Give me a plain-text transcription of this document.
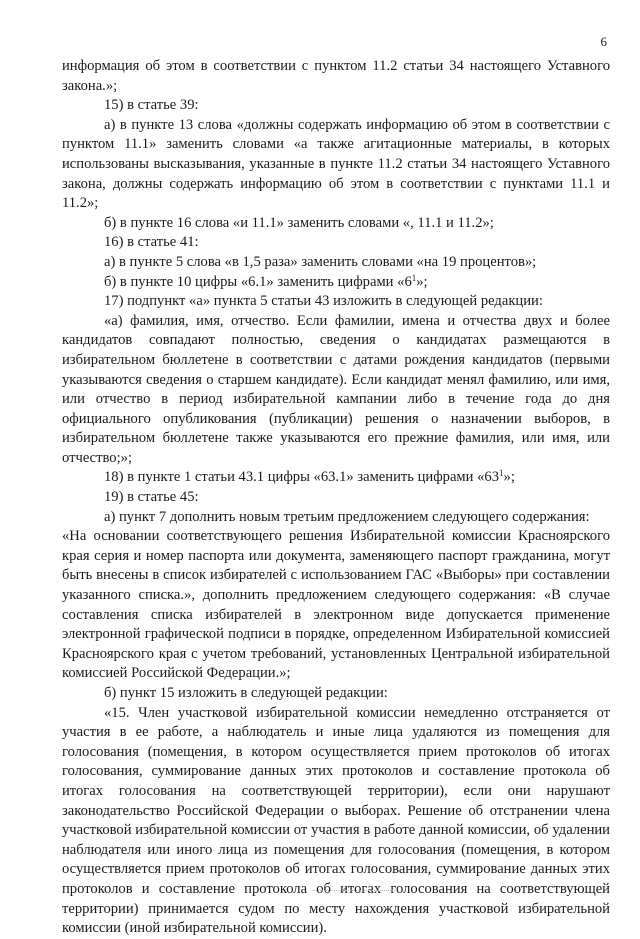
6

информация об этом в соответствии с пунктом 11.2 статьи 34 настоящего Уставного закона.»;

15) в статье 39:

а) в пункте 13 слова «должны содержать информацию об этом в соответствии с пунктом 11.1» заменить словами «а также агитационные материалы, в которых использованы высказывания, указанные в пункте 11.2 статьи 34 настоящего Уставного закона, должны содержать информацию об этом в соответствии с пунктами 11.1 и 11.2»;

б) в пункте 16 слова «и 11.1» заменить словами «, 11.1 и 11.2»;

16) в статье 41:

а) в пункте 5 слова «в 1,5 раза» заменить словами «на 19 процентов»;

б) в пункте 10 цифры «6.1» заменить цифрами «$6^1$»;

17) подпункт «а» пункта 5 статьи 43 изложить в следующей редакции:

«а) фамилия, имя, отчество. Если фамилии, имена и отчества двух и более кандидатов совпадают полностью, сведения о кандидатах размещаются в избирательном бюллетене в соответствии с датами рождения кандидатов (первыми указываются сведения о старшем кандидате). Если кандидат менял фамилию, или имя, или отчество в период избирательной кампании либо в течение года до дня официального опубликования (публикации) решения о назначении выборов, в избирательном бюллетене также указываются его прежние фамилия, или имя, или отчество;»;

18) в пункте 1 статьи 43.1 цифры «63.1» заменить цифрами «$63^1$»;

19) в статье 45:

а) пункт 7 дополнить новым третьим предложением следующего содержания:

«На основании соответствующего решения Избирательной комиссии Красноярского края серия и номер паспорта или документа, заменяющего паспорт гражданина, могут быть внесены в список избирателей с использованием ГАС «Выборы» при составлении указанного списка.», дополнить предложением следующего содержания: «В случае составления списка избирателей в электронном виде допускается применение электронной графической подписи в порядке, определенном Избирательной комиссией Красноярского края с учетом требований, установленных Центральной избирательной комиссией Российской Федерации.»;

б) пункт 15 изложить в следующей редакции:

«15. Член участковой избирательной комиссии немедленно отстраняется от участия в ее работе, а наблюдатель и иные лица удаляются из помещения для голосования (помещения, в котором осуществляется прием протоколов об итогах голосования, суммирование данных этих протоколов и составление протокола об итогах голосования на соответствующей территории), если они нарушают законодательство Российской Федерации о выборах. Решение об отстранении члена участковой избирательной комиссии от участия в работе данной комиссии, об удалении наблюдателя или иного лица из помещения для голосования (помещения, в котором осуществляется прием протоколов об итогах голосования, суммирование данных этих протоколов и составление протокола об итогах голосования на соответствующей территории) принимается судом по месту нахождения участковой избирательной комиссии (иной избирательной комиссии).
